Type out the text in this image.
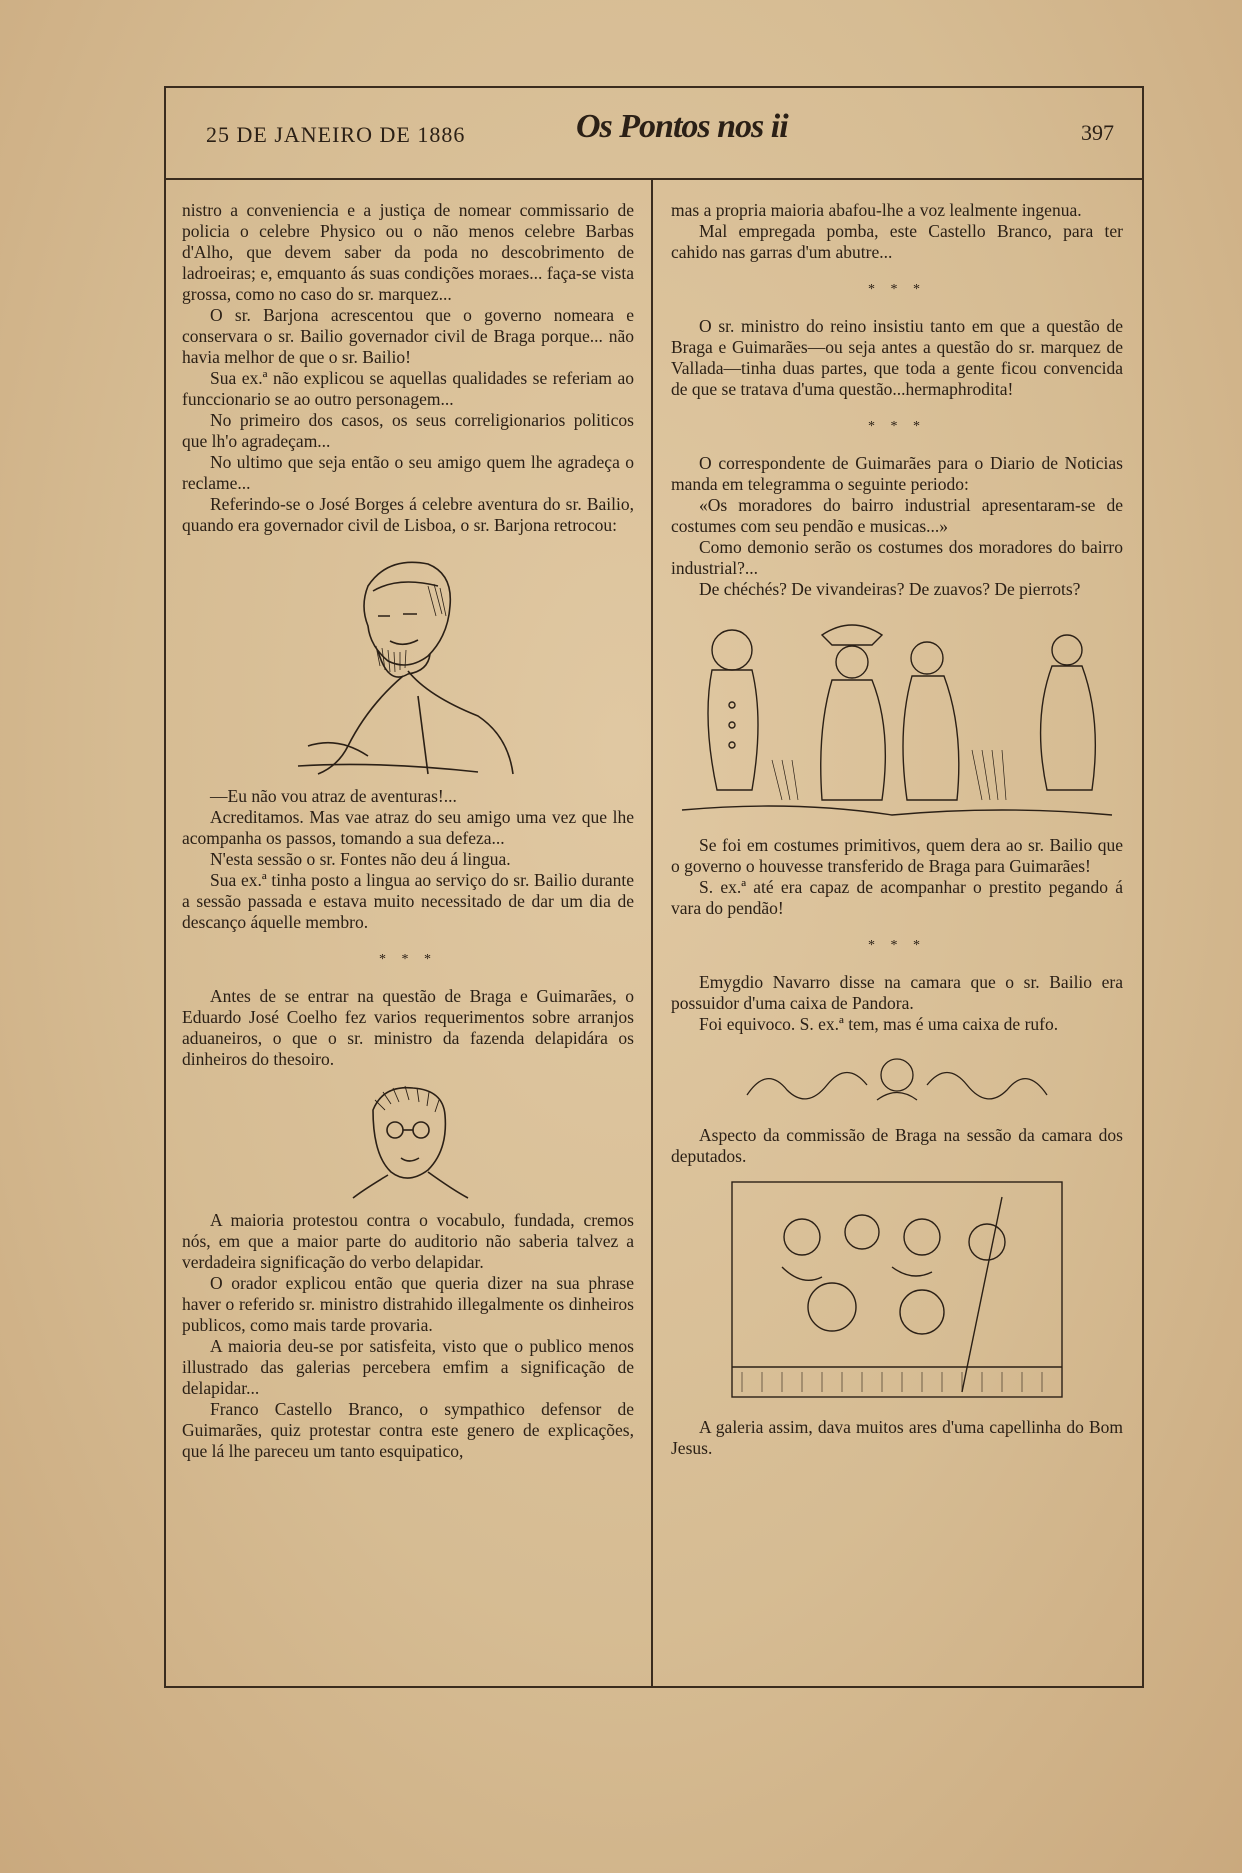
25 DE JANEIRO DE 1886	Os Pontos nos ii	397

nistro a conveniencia e a justiça de nomear commissario de policia o celebre Physico ou o não menos celebre Barbas d'Alho, que devem saber da poda no descobrimento de ladroeiras; e, emquanto ás suas condições moraes... faça-se vista grossa, como no caso do sr. marquez...

O sr. Barjona acrescentou que o governo nomeara e conservara o sr. Bailio governador civil de Braga porque... não havia melhor de que o sr. Bailio!

Sua ex.ª não explicou se aquellas qualidades se referiam ao funccionario se ao outro personagem...

No primeiro dos casos, os seus correligionarios politicos que lh'o agradeçam...

No ultimo que seja então o seu amigo quem lhe agradeça o reclame...

Referindo-se o José Borges á celebre aventura do sr. Bailio, quando era governador civil de Lisboa, o sr. Barjona retrocou:

—Eu não vou atraz de aventuras!...

Acreditamos. Mas vae atraz do seu amigo uma vez que lhe acompanha os passos, tomando a sua defeza...

N'esta sessão o sr. Fontes não deu á lingua.

Sua ex.ª tinha posto a lingua ao serviço do sr. Bailio durante a sessão passada e estava muito necessitado de dar um dia de descanço áquelle membro.

* * *

Antes de se entrar na questão de Braga e Guimarães, o Eduardo José Coelho fez varios requerimentos sobre arranjos aduaneiros, o que o sr. ministro da fazenda delapidára os dinheiros do thesoiro.

A maioria protestou contra o vocabulo, fundada, cremos nós, em que a maior parte do auditorio não saberia talvez a verdadeira significação do verbo delapidar.

O orador explicou então que queria dizer na sua phrase haver o referido sr. ministro distrahido illegalmente os dinheiros publicos, como mais tarde provaria.

A maioria deu-se por satisfeita, visto que o publico menos illustrado das galerias percebera emfim a significação de delapidar...

Franco Castello Branco, o sympathico defensor de Guimarães, quiz protestar contra este genero de explicações, que lá lhe pareceu um tanto esquipatico,

mas a propria maioria abafou-lhe a voz lealmente ingenua.

Mal empregada pomba, este Castello Branco, para ter cahido nas garras d'um abutre...

* * *

O sr. ministro do reino insistiu tanto em que a questão de Braga e Guimarães—ou seja antes a questão do sr. marquez de Vallada—tinha duas partes, que toda a gente ficou convencida de que se tratava d'uma questão...hermaphrodita!

* * *

O correspondente de Guimarães para o Diario de Noticias manda em telegramma o seguinte periodo:

«Os moradores do bairro industrial apresentaram-se de costumes com seu pendão e musicas...»

Como demonio serão os costumes dos moradores do bairro industrial?...

De chéchés? De vivandeiras? De zuavos? De pierrots?

Se foi em costumes primitivos, quem dera ao sr. Bailio que o governo o houvesse transferido de Braga para Guimarães!

S. ex.ª até era capaz de acompanhar o prestito pegando á vara do pendão!

* * *

Emygdio Navarro disse na camara que o sr. Bailio era possuidor d'uma caixa de Pandora.

Foi equivoco. S. ex.ª tem, mas é uma caixa de rufo.

Aspecto da commissão de Braga na sessão da camara dos deputados.

A galeria assim, dava muitos ares d'uma capellinha do Bom Jesus.
